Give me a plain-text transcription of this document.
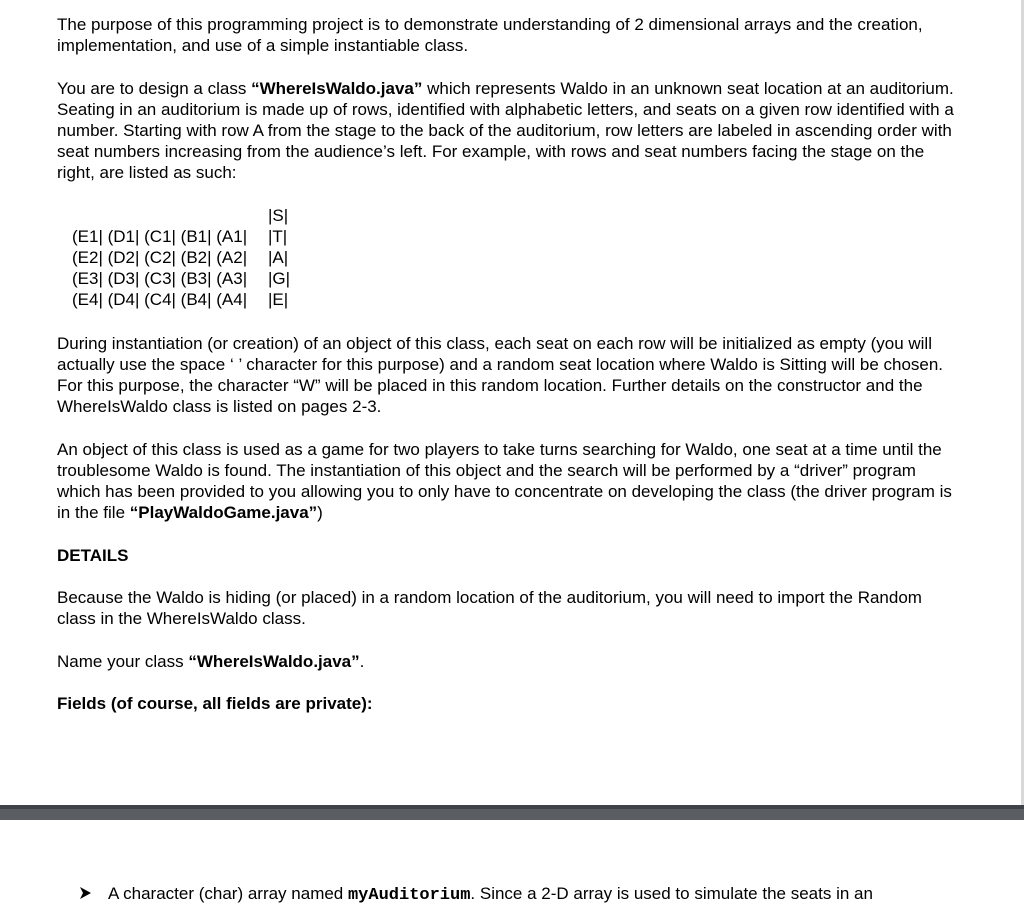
The purpose of this programming project is to demonstrate understanding of 2 dimensional arrays and the creation, implementation, and use of a simple instantiable class.

You are to design a class “WhereIsWaldo.java” which represents Waldo in an unknown seat location at an auditorium. Seating in an auditorium is made up of rows, identified with alphabetic letters, and seats on a given row identified with a number. Starting with row A from the stage to the back of the auditorium, row letters are labeled in ascending order with seat numbers increasing from the audience’s left. For example, with rows and seat numbers facing the stage on the right, are listed as such:

|S|
(E1| (D1| (C1| (B1| (A1| |T|
(E2| (D2| (C2| (B2| (A2| |A|
(E3| (D3| (C3| (B3| (A3| |G|
(E4| (D4| (C4| (B4| (A4| |E|

During instantiation (or creation) of an object of this class, each seat on each row will be initialized as empty (you will actually use the space ‘ ’ character for this purpose) and a random seat location where Waldo is Sitting will be chosen. For this purpose, the character “W” will be placed in this random location. Further details on the constructor and the WhereIsWaldo class is listed on pages 2-3.

An object of this class is used as a game for two players to take turns searching for Waldo, one seat at a time until the troublesome Waldo is found. The instantiation of this object and the search will be performed by a “driver” program which has been provided to you allowing you to only have to concentrate on developing the class (the driver program is in the file “PlayWaldoGame.java”)

DETAILS

Because the Waldo is hiding (or placed) in a random location of the auditorium, you will need to import the Random class in the WhereIsWaldo class.

Name your class “WhereIsWaldo.java”.

Fields (of course, all fields are private):

A character (char) array named myAuditorium. Since a 2-D array is used to simulate the seats in an
